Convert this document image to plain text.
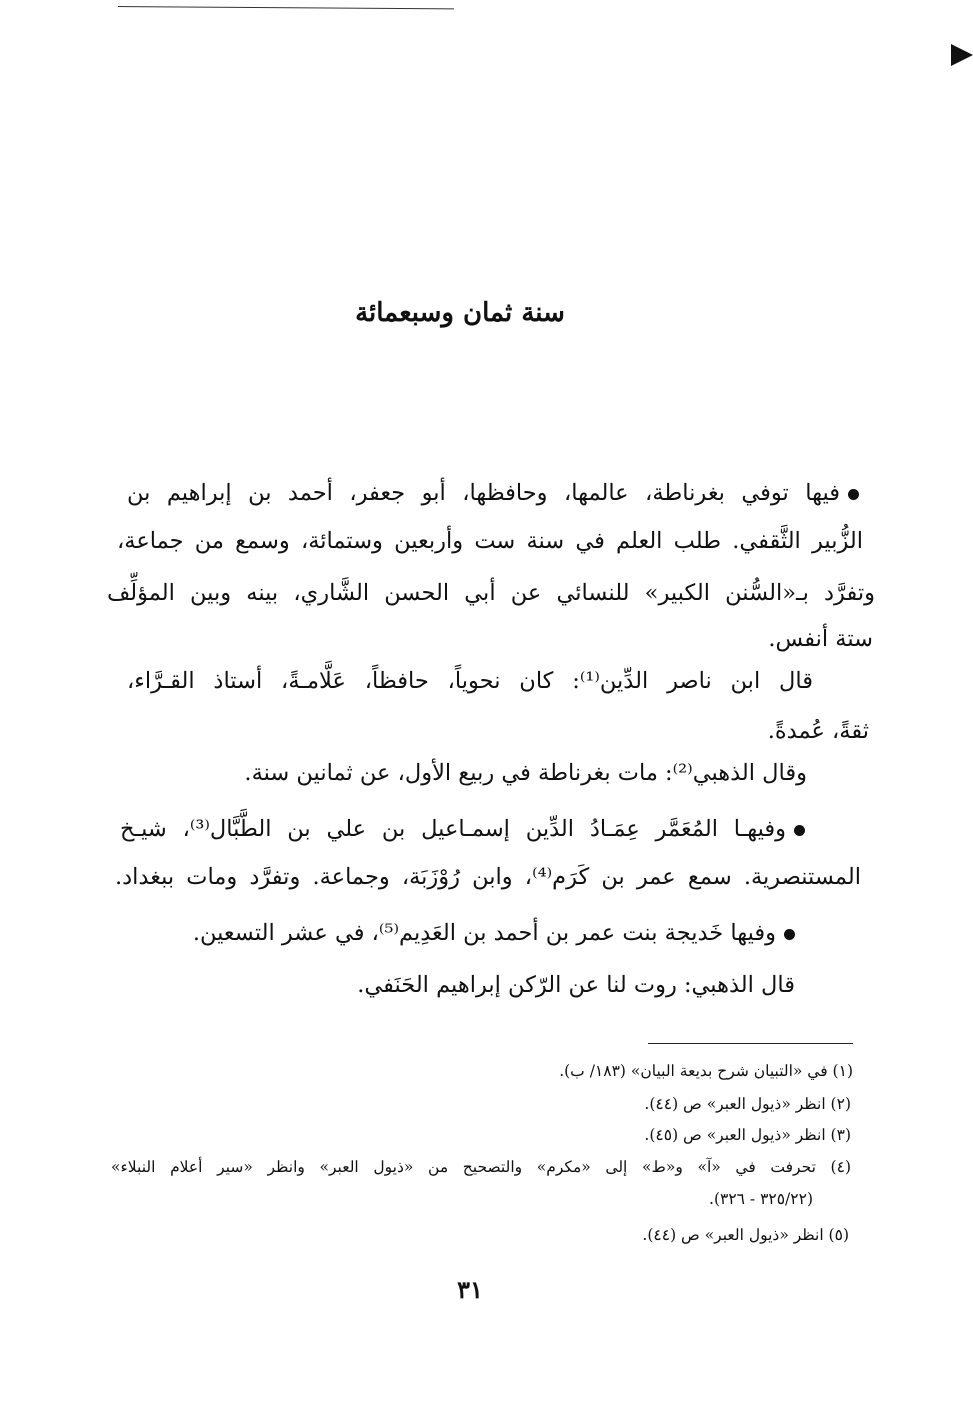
سنة ثمان وسبعمائة
فيها توفي بغرناطة، عالمها، وحافظها، أبو جعفر، أحمد بن إبراهيم بن
الزُّبير الثَّقفي. طلب العلم في سنة ست وأربعين وستمائة، وسمع من جماعة،
وتفرَّد بـ«السُّنن الكبير» للنسائي عن أبي الحسن الشَّاري، بينه وبين المؤلِّف
ستة أنفس.
قال ابن ناصر الدِّين⁽¹⁾: كان نحوياً، حافظاً، عَلَّامـةً، أستاذ القـرَّاء،
ثقةً، عُمدةً.
وقال الذهبي⁽²⁾: مات بغرناطة في ربيع الأول، عن ثمانين سنة.
وفيهـا المُعَمَّر عِمَـادُ الدِّين إسمـاعيل بن علي بن الطَّبَّال⁽³⁾، شيـخ
المستنصرية. سمع عمر بن كَرَم⁽⁴⁾، وابن رُوْزَبَة، وجماعة. وتفرَّد ومات ببغداد.
وفيها خَديجة بنت عمر بن أحمد بن العَدِيم⁽⁵⁾، في عشر التسعين.
قال الذهبي: روت لنا عن الرّكن إبراهيم الحَنَفي.
(١) في «التبيان شرح بديعة البيان» (١٨٣/ ب).
(٢) انظر «ذيول العبر» ص (٤٤).
(٣) انظر «ذيول العبر» ص (٤٥).
(٤) تحرفت في «آ» و«ط» إلى «مكرم» والتصحيح من «ذيول العبر» وانظر «سير أعلام النبلاء»
(٣٢٥/٢٢ - ٣٢٦).
(٥) انظر «ذيول العبر» ص (٤٤).
٣١
